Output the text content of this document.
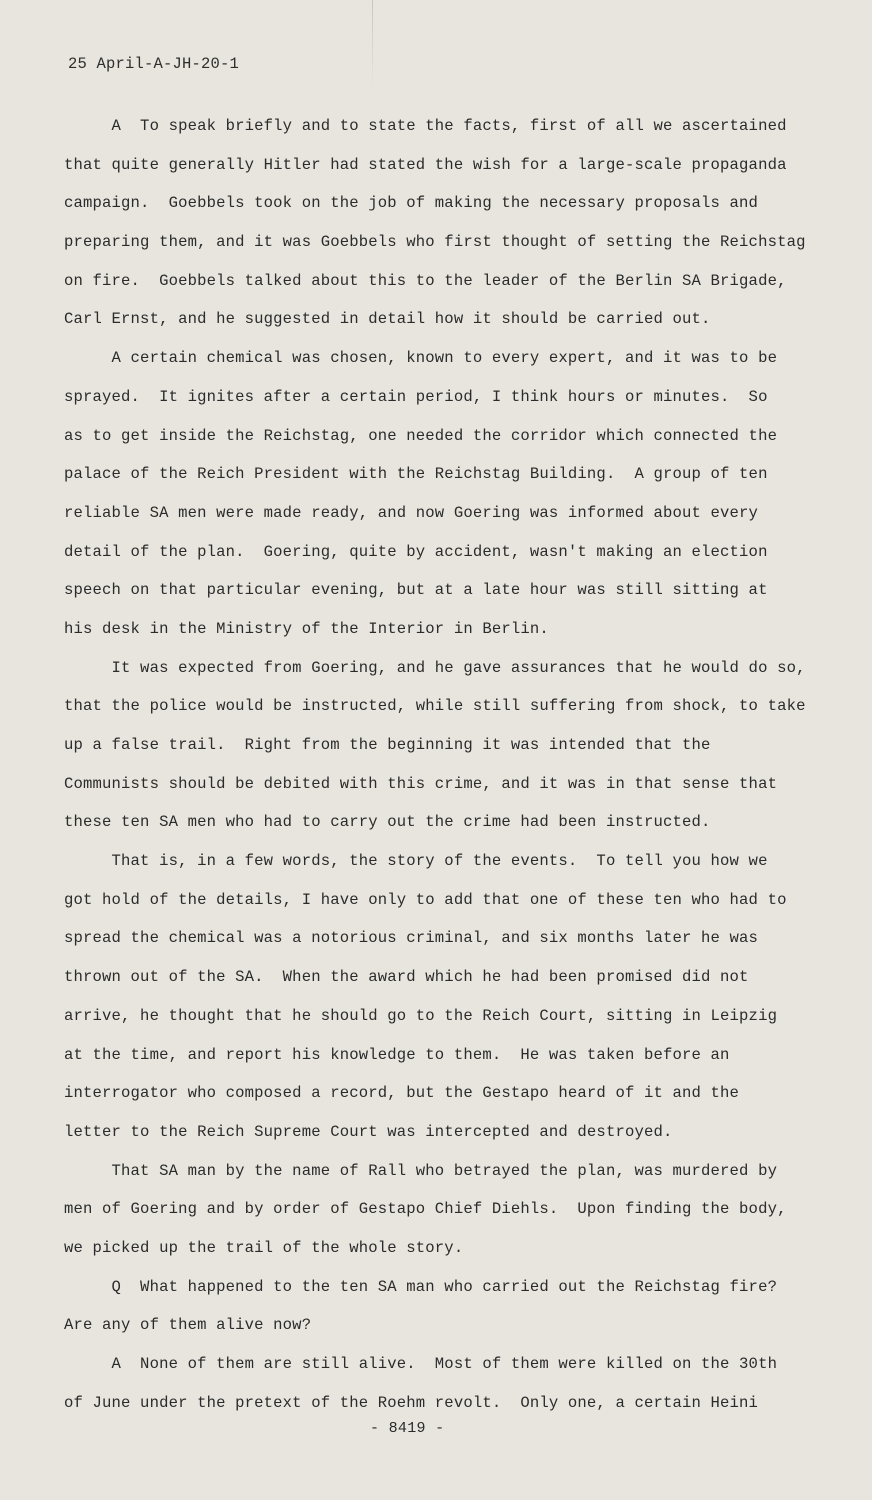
25 April-A-JH-20-1
A  To speak briefly and to state the facts, first of all we ascertained
that quite generally Hitler had stated the wish for a large-scale propaganda
campaign.  Goebbels took on the job of making the necessary proposals and
preparing them, and it was Goebbels who first thought of setting the Reichstag
on fire.  Goebbels talked about this to the leader of the Berlin SA Brigade,
Carl Ernst, and he suggested in detail how it should be carried out.
A certain chemical was chosen, known to every expert, and it was to be
sprayed.  It ignites after a certain period, I think hours or minutes.  So
as to get inside the Reichstag, one needed the corridor which connected the
palace of the Reich President with the Reichstag Building.  A group of ten
reliable SA men were made ready, and now Goering was informed about every
detail of the plan.  Goering, quite by accident, wasn't making an election
speech on that particular evening, but at a late hour was still sitting at
his desk in the Ministry of the Interior in Berlin.
It was expected from Goering, and he gave assurances that he would do so,
that the police would be instructed, while still suffering from shock, to take
up a false trail.  Right from the beginning it was intended that the
Communists should be debited with this crime, and it was in that sense that
these ten SA men who had to carry out the crime had been instructed.
That is, in a few words, the story of the events.  To tell you how we
got hold of the details, I have only to add that one of these ten who had to
spread the chemical was a notorious criminal, and six months later he was
thrown out of the SA.  When the award which he had been promised did not
arrive, he thought that he should go to the Reich Court, sitting in Leipzig
at the time, and report his knowledge to them.  He was taken before an
interrogator who composed a record, but the Gestapo heard of it and the
letter to the Reich Supreme Court was intercepted and destroyed.
That SA man by the name of Rall who betrayed the plan, was murdered by
men of Goering and by order of Gestapo Chief Diehls.  Upon finding the body,
we picked up the trail of the whole story.
Q  What happened to the ten SA man who carried out the Reichstag fire?
Are any of them alive now?
A  None of them are still alive.  Most of them were killed on the 30th
of June under the pretext of the Roehm revolt.  Only one, a certain Heini
- 8419 -
